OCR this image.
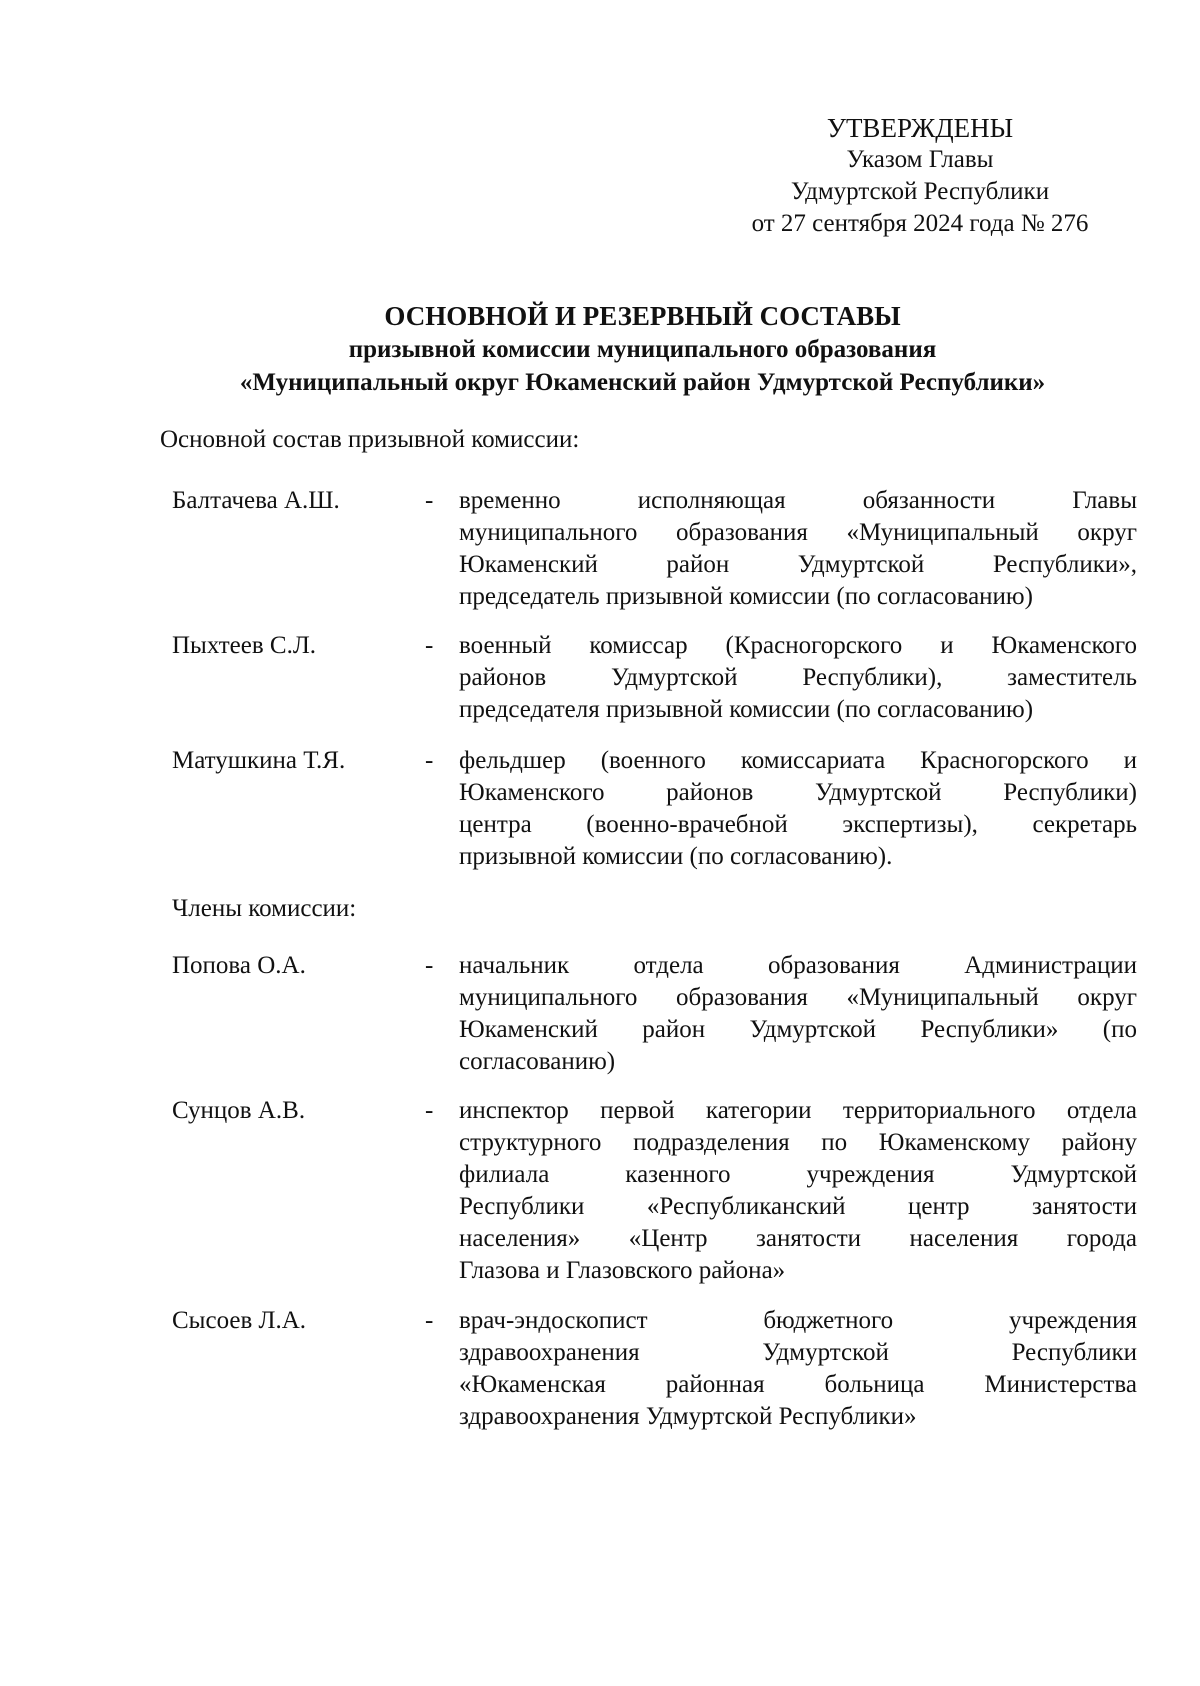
УТВЕРЖДЕНЫ
Указом Главы
Удмуртской Республики
от 27 сентября 2024 года № 276
ОСНОВНОЙ И РЕЗЕРВНЫЙ СОСТАВЫ
призывной комиссии муниципального образования
«Муниципальный округ Юкаменский район Удмуртской Республики»
Основной состав призывной комиссии:
Балтачева А.Ш.	- временно исполняющая обязанности Главы
муниципального образования «Муниципальный округ
Юкаменский район Удмуртской Республики»,
председатель призывной комиссии (по согласованию)
Пыхтеев С.Л.	- военный комиссар (Красногорского и Юкаменского
районов Удмуртской Республики), заместитель
председателя призывной комиссии (по согласованию)
Матушкина Т.Я.	- фельдшер (военного комиссариата Красногорского и
Юкаменского районов Удмуртской Республики)
центра (военно-врачебной экспертизы), секретарь
призывной комиссии (по согласованию).
Члены комиссии:
Попова О.А.	- начальник отдела образования Администрации
муниципального образования «Муниципальный округ
Юкаменский район Удмуртской Республики» (по
согласованию)
Сунцов А.В.	- инспектор первой категории территориального отдела
структурного подразделения по Юкаменскому району
филиала казенного учреждения Удмуртской
Республики «Республиканский центр занятости
населения» «Центр занятости населения города
Глазова и Глазовского района»
Сысоев Л.А.	- врач-эндоскопист бюджетного учреждения
здравоохранения Удмуртской Республики
«Юкаменская районная больница Министерства
здравоохранения Удмуртской Республики»
